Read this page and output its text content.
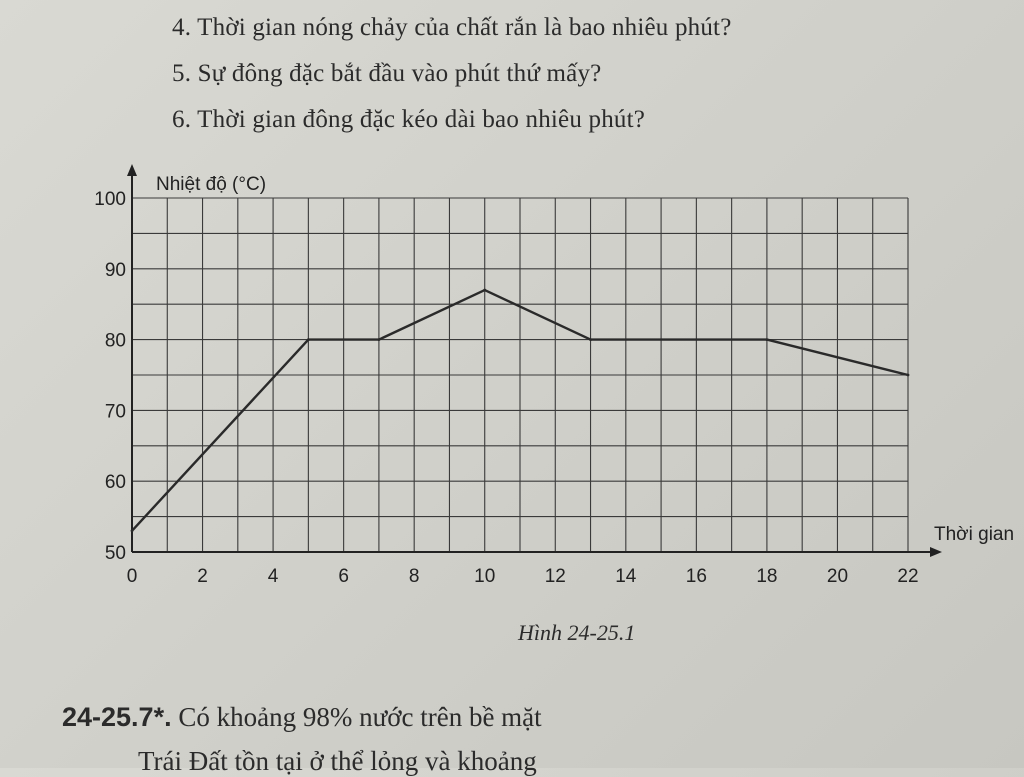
4. Thời gian nóng chảy của chất rắn là bao nhiêu phút?
5. Sự đông đặc bắt đầu vào phút thứ mấy?
6. Thời gian đông đặc kéo dài bao nhiêu phút?
0	2	4	6	8	10	12	14	16	18	20	22
50
60
70
80
90
100
Nhiệt độ (°C)
Thời gian
Hình 24-25.1
24-25.7*. Có khoảng 98% nước trên bề mặt
Trái Đất tồn tại ở thể lỏng và khoảng
